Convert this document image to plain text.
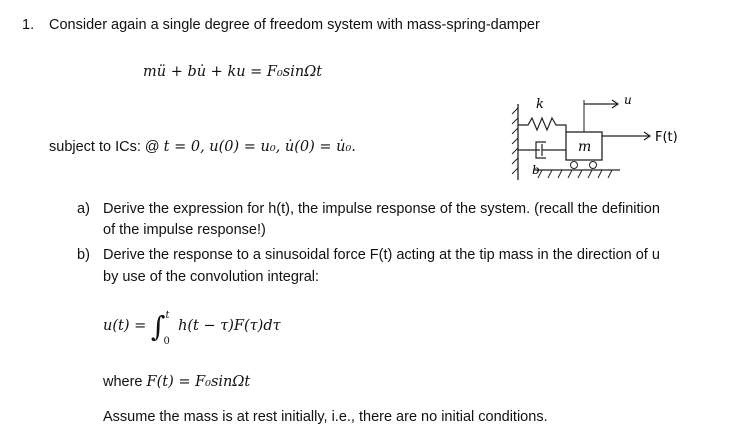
1. Consider again a single degree of freedom system with mass-spring-damper
mü + bu̇ + ku = F₀sinΩt
subject to ICs: @ t = 0, u(0) = u₀, u̇(0) = u̇₀.
k
b
m
u
F(t)
a) Derive the expression for h(t), the impulse response of the system. (recall the definition
of the impulse response!)
b) Derive the response to a sinusoidal force F(t) acting at the tip mass in the direction of u
by use of the convolution integral:
u(t) = ∫ t
0
h(t − τ)F(τ)dτ
where F(t) = F₀sinΩt
Assume the mass is at rest initially, i.e., there are no initial conditions.
